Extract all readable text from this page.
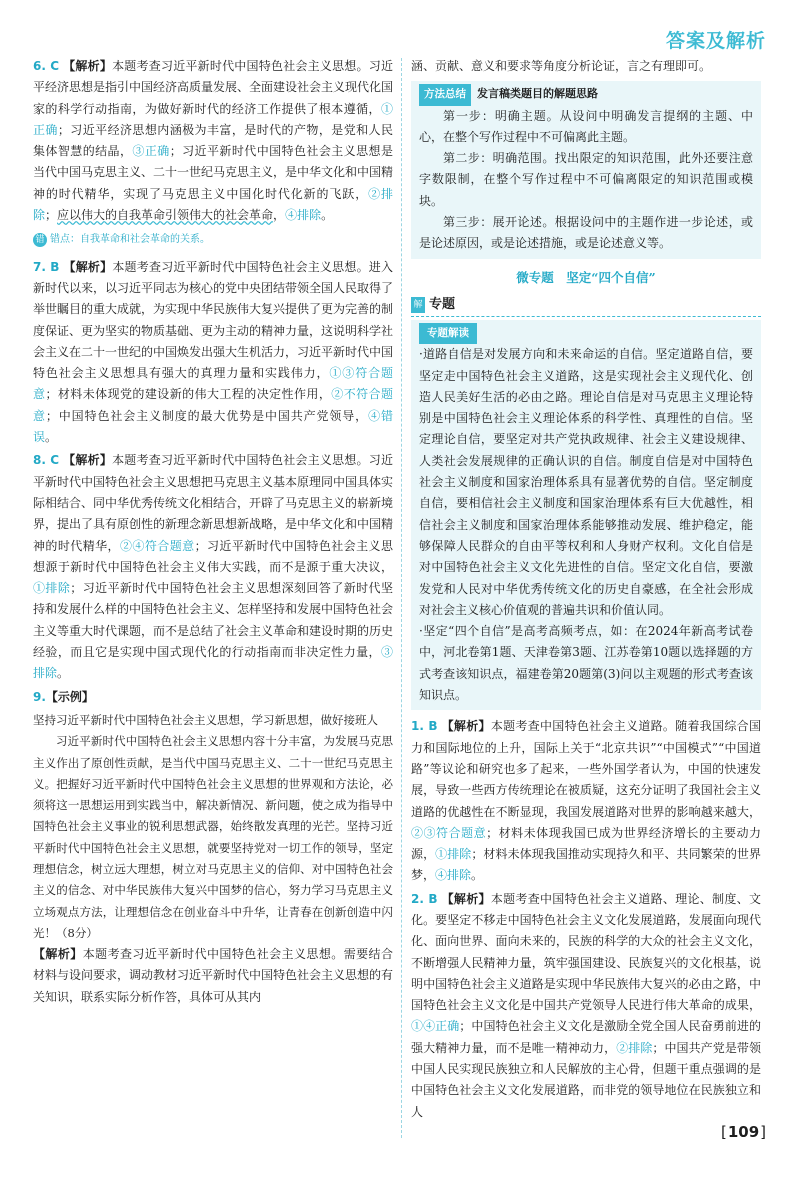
答案及解析

6. C 【解析】本题考查习近平新时代中国特色社会主义思想。习近平经济思想是指引中国经济高质量发展、全面建设社会主义现代化国家的科学行动指南，为做好新时代的经济工作提供了根本遵循，①正确；习近平经济思想内涵极为丰富，是时代的产物，是党和人民集体智慧的结晶，③正确；习近平新时代中国特色社会主义思想是当代中国马克思主义、二十一世纪马克思主义，是中华文化和中国精神的时代精华，实现了马克思主义中国化时代化新的飞跃，②排除；应以伟大的自我革命引领伟大的社会革命，④排除。

错 错点：自我革命和社会革命的关系。

7. B 【解析】本题考查习近平新时代中国特色社会主义思想。进入新时代以来，以习近平同志为核心的党中央团结带领全国人民取得了举世瞩目的重大成就，为实现中华民族伟大复兴提供了更为完善的制度保证、更为坚实的物质基础、更为主动的精神力量，这说明科学社会主义在二十一世纪的中国焕发出强大生机活力，习近平新时代中国特色社会主义思想具有强大的真理力量和实践伟力，①③符合题意；材料未体现党的建设新的伟大工程的决定性作用，②不符合题意；中国特色社会主义制度的最大优势是中国共产党领导，④错误。

8. C 【解析】本题考查习近平新时代中国特色社会主义思想。习近平新时代中国特色社会主义思想把马克思主义基本原理同中国具体实际相结合、同中华优秀传统文化相结合，开辟了马克思主义的崭新境界，提出了具有原创性的新理念新思想新战略，是中华文化和中国精神的时代精华，②④符合题意；习近平新时代中国特色社会主义思想源于新时代中国特色社会主义伟大实践，而不是源于重大决议，①排除；习近平新时代中国特色社会主义思想深刻回答了新时代坚持和发展什么样的中国特色社会主义、怎样坚持和发展中国特色社会主义等重大时代课题，而不是总结了社会主义革命和建设时期的历史经验，而且它是实现中国式现代化的行动指南而非决定性力量，③排除。

9.【示例】

坚持习近平新时代中国特色社会主义思想，学习新思想，做好接班人

习近平新时代中国特色社会主义思想内容十分丰富，为发展马克思主义作出了原创性贡献，是当代中国马克思主义、二十一世纪马克思主义。把握好习近平新时代中国特色社会主义思想的世界观和方法论，必须将这一思想运用到实践当中，解决新情况、新问题，使之成为指导中国特色社会主义事业的锐利思想武器，始终散发真理的光芒。坚持习近平新时代中国特色社会主义思想，就要坚持党对一切工作的领导，坚定理想信念，树立远大理想，树立对马克思主义的信仰、对中国特色社会主义的信念、对中华民族伟大复兴中国梦的信心，努力学习马克思主义立场观点方法，让理想信念在创业奋斗中升华，让青春在创新创造中闪光！（8分）

【解析】本题考查习近平新时代中国特色社会主义思想。需要结合材料与设问要求，调动教材习近平新时代中国特色社会主义思想的有关知识，联系实际分析作答，具体可从其内

涵、贡献、意义和要求等角度分析论证，言之有理即可。

方法总结 发言稿类题目的解题思路

第一步：明确主题。从设问中明确发言提纲的主题、中心，在整个写作过程中不可偏离此主题。

第二步：明确范围。找出限定的知识范围，此外还要注意字数限制，在整个写作过程中不可偏离限定的知识范围或模块。

第三步：展开论述。根据设问中的主题作进一步论述，或是论述原因，或是论述措施，或是论述意义等。

微专题　坚定“四个自信”
解 专题
专题解读

·道路自信是对发展方向和未来命运的自信。坚定道路自信，要坚定走中国特色社会主义道路，这是实现社会主义现代化、创造人民美好生活的必由之路。理论自信是对马克思主义理论特别是中国特色社会主义理论体系的科学性、真理性的自信。坚定理论自信，要坚定对共产党执政规律、社会主义建设规律、人类社会发展规律的正确认识的自信。制度自信是对中国特色社会主义制度和国家治理体系具有显著优势的自信。坚定制度自信，要相信社会主义制度和国家治理体系有巨大优越性，相信社会主义制度和国家治理体系能够推动发展、维护稳定，能够保障人民群众的自由平等权利和人身财产权利。文化自信是对中国特色社会主义文化先进性的自信。坚定文化自信，要激发党和人民对中华优秀传统文化的历史自豪感，在全社会形成对社会主义核心价值观的普遍共识和价值认同。

·坚定“四个自信”是高考高频考点，如：在2024年新高考试卷中，河北卷第1题、天津卷第3题、江苏卷第10题以选择题的方式考查该知识点，福建卷第20题第(3)问以主观题的形式考查该知识点。

1. B 【解析】本题考查中国特色社会主义道路。随着我国综合国力和国际地位的上升，国际上关于“北京共识”“中国模式”“中国道路”等议论和研究也多了起来，一些外国学者认为，中国的快速发展，导致一些西方传统理论在被质疑，这充分证明了我国社会主义道路的优越性在不断显现，我国发展道路对世界的影响越来越大，②③符合题意；材料未体现我国已成为世界经济增长的主要动力源，①排除；材料未体现我国推动实现持久和平、共同繁荣的世界梦，④排除。

2. B 【解析】本题考查中国特色社会主义道路、理论、制度、文化。要坚定不移走中国特色社会主义文化发展道路，发展面向现代化、面向世界、面向未来的，民族的科学的大众的社会主义文化，不断增强人民精神力量，筑牢强国建设、民族复兴的文化根基，说明中国特色社会主义道路是实现中华民族伟大复兴的必由之路，中国特色社会主义文化是中国共产党领导人民进行伟大革命的成果，①④正确；中国特色社会主义文化是激励全党全国人民奋勇前进的强大精神力量，而不是唯一精神动力，②排除；中国共产党是带领中国人民实现民族独立和人民解放的主心骨，但题干重点强调的是中国特色社会主义文化发展道路，而非党的领导地位在民族独立和人

[ 109 ]
